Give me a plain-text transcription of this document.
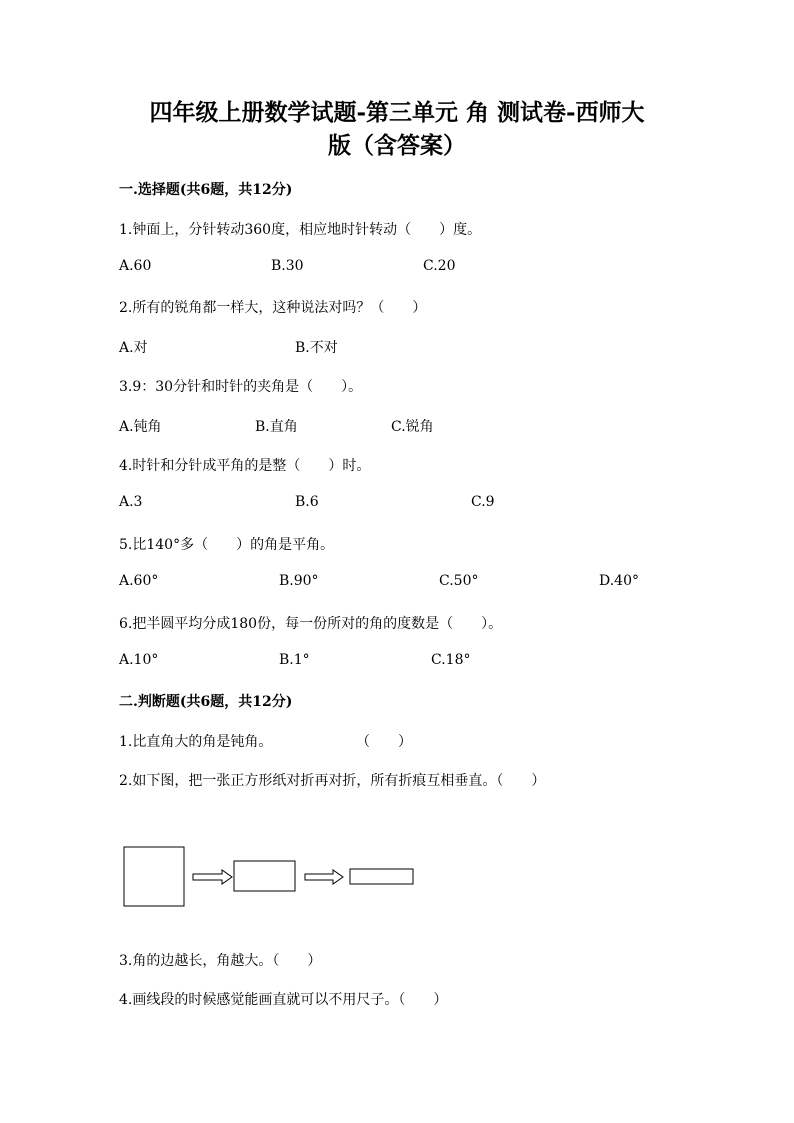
四年级上册数学试题-第三单元 角 测试卷-西师大
版（含答案）
一.选择题(共6题，共12分)
1.钟面上，分针转动360度，相应地时针转动（　　）度。
A.60	B.30	C.20
2.所有的锐角都一样大，这种说法对吗？（　　）
A.对	B.不对
3.9：30分针和时针的夹角是（　　）。
A.钝角	B.直角	C.锐角
4.时针和分针成平角的是整（　　）时。
A.3	B.6	C.9
5.比140°多（　　）的角是平角。
A.60°	B.90°	C.50°	D.40°
6.把半圆平均分成180份，每一份所对的角的度数是（　　）。
A.10°	B.1°	C.18°
二.判断题(共6题，共12分)
1.比直角大的角是钝角。	（　　）
2.如下图，把一张正方形纸对折再对折，所有折痕互相垂直。（　　）
3.角的边越长，角越大。（　　）
4.画线段的时候感觉能画直就可以不用尺子。（　　）
